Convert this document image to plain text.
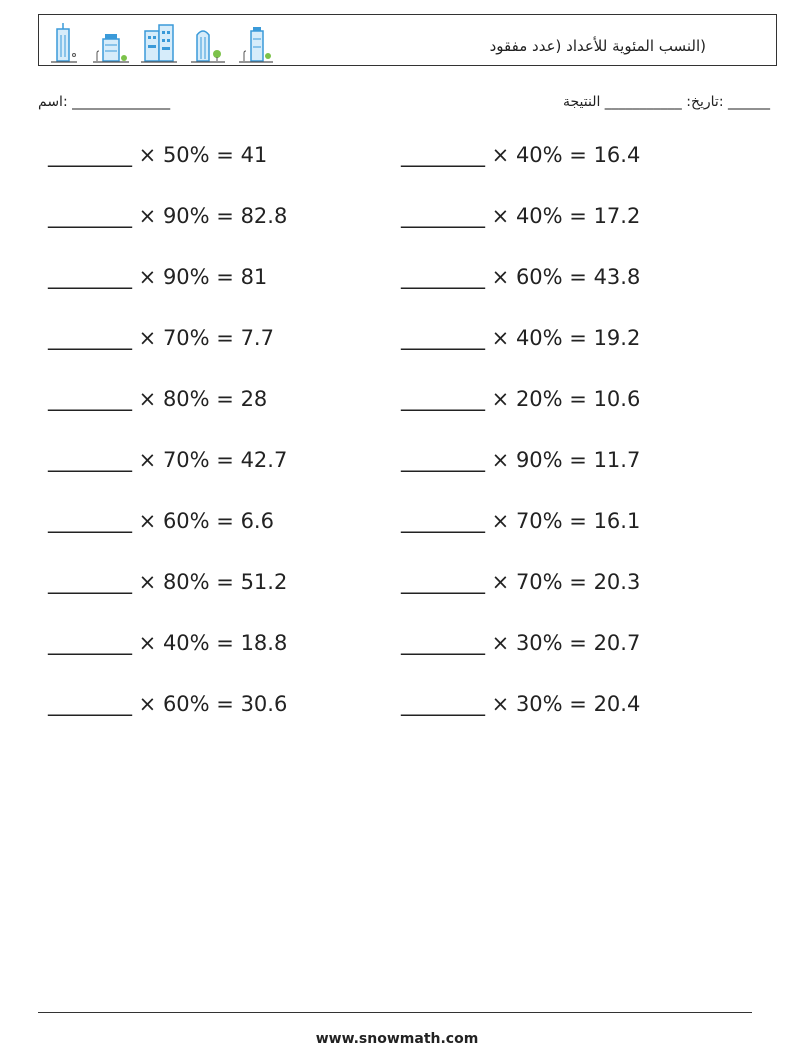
(النسب المئوية للأعداد (عدد مفقود
______________ :اسم	______ :تاريخ: ___________ النتيجة
________ × 50% = 41	________ × 40% = 16.4
________ × 90% = 82.8	________ × 40% = 17.2
________ × 90% = 81	________ × 60% = 43.8
________ × 70% = 7.7	________ × 40% = 19.2
________ × 80% = 28	________ × 20% = 10.6
________ × 70% = 42.7	________ × 90% = 11.7
________ × 60% = 6.6	________ × 70% = 16.1
________ × 80% = 51.2	________ × 70% = 20.3
________ × 40% = 18.8	________ × 30% = 20.7
________ × 60% = 30.6	________ × 30% = 20.4
www.snowmath.com
